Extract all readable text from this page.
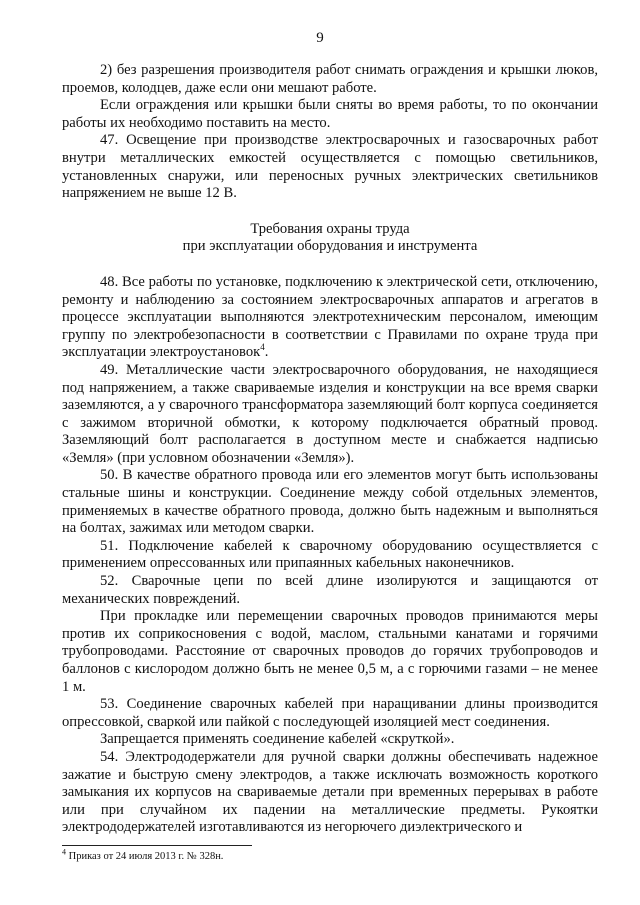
9

2) без разрешения производителя работ снимать ограждения и крышки люков, проемов, колодцев, даже если они мешают работе.

Если ограждения или крышки были сняты во время работы, то по окончании работы их необходимо поставить на место.

47. Освещение при производстве электросварочных и газосварочных работ внутри металлических емкостей осуществляется с помощью светильников, установленных снаружи, или переносных ручных электрических светильников напряжением не выше 12 В.

Требования охраны труда
при эксплуатации оборудования и инструмента

48. Все работы по установке, подключению к электрической сети, отключению, ремонту и наблюдению за состоянием электросварочных аппаратов и агрегатов в процессе эксплуатации выполняются электротехническим персоналом, имеющим группу по электробезопасности в соответствии с Правилами по охране труда при эксплуатации электроустановок$^4$.

49. Металлические части электросварочного оборудования, не находящиеся под напряжением, а также свариваемые изделия и конструкции на все время сварки заземляются, а у сварочного трансформатора заземляющий болт корпуса соединяется с зажимом вторичной обмотки, к которому подключается обратный провод. Заземляющий болт располагается в доступном месте и снабжается надписью «Земля» (при условном обозначении «Земля»).

50. В качестве обратного провода или его элементов могут быть использованы стальные шины и конструкции. Соединение между собой отдельных элементов, применяемых в качестве обратного провода, должно быть надежным и выполняться на болтах, зажимах или методом сварки.

51. Подключение кабелей к сварочному оборудованию осуществляется с применением опрессованных или припаянных кабельных наконечников.

52. Сварочные цепи по всей длине изолируются и защищаются от механических повреждений.

При прокладке или перемещении сварочных проводов принимаются меры против их соприкосновения с водой, маслом, стальными канатами и горячими трубопроводами. Расстояние от сварочных проводов до горячих трубопроводов и баллонов с кислородом должно быть не менее 0,5 м, а с горючими газами – не менее 1 м.

53. Соединение сварочных кабелей при наращивании длины производится опрессовкой, сваркой или пайкой с последующей изоляцией мест соединения.

Запрещается применять соединение кабелей «скруткой».

54. Электрододержатели для ручной сварки должны обеспечивать надежное зажатие и быструю смену электродов, а также исключать возможность короткого замыкания их корпусов на свариваемые детали при временных перерывах в работе или при случайном их падении на металлические предметы. Рукоятки электрододержателей изготавливаются из негорючего диэлектрического и

$^4$ Приказ от 24 июля 2013 г. № 328н.
